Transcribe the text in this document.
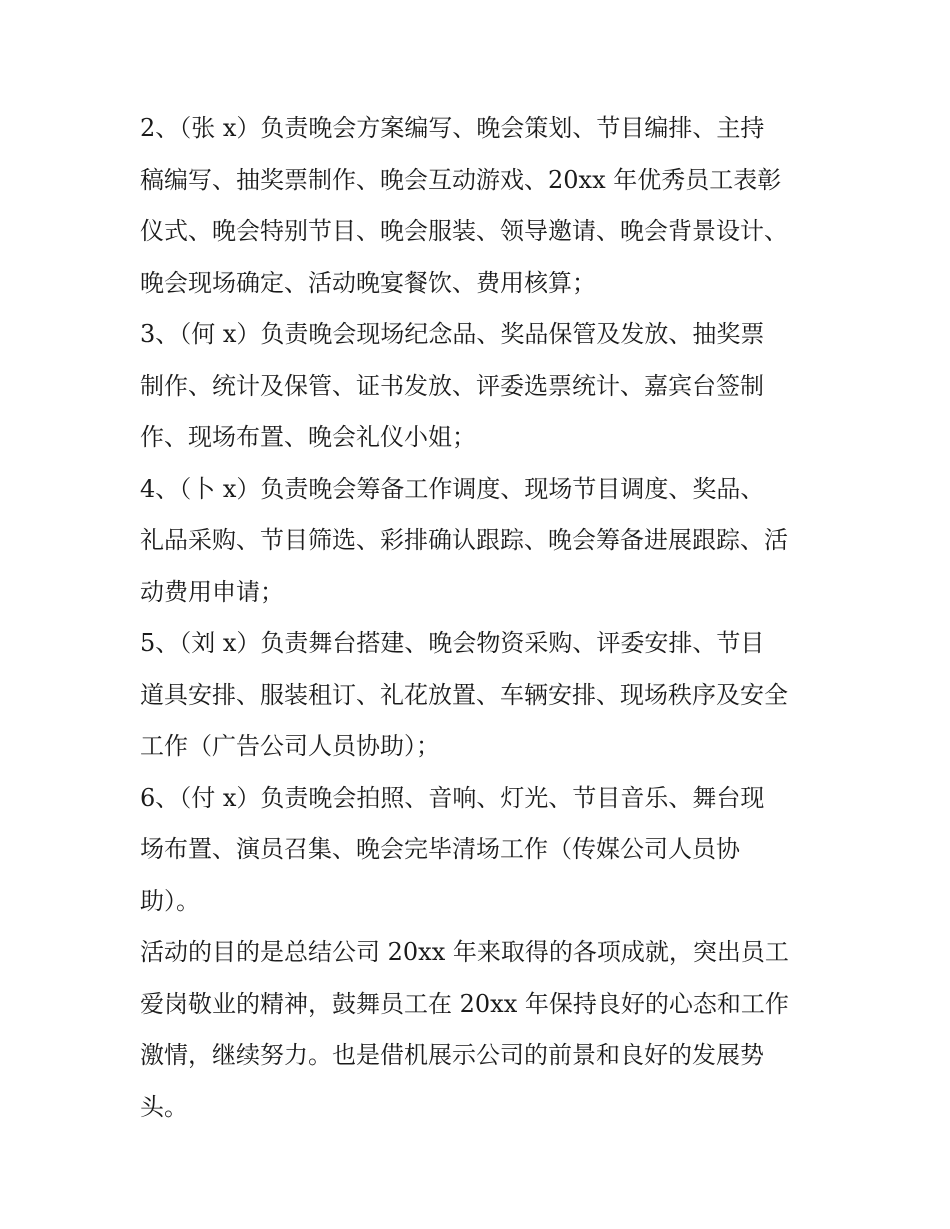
2、（张 x）负责晚会方案编写、晚会策划、节目编排、主持
稿编写、抽奖票制作、晚会互动游戏、20xx 年优秀员工表彰
仪式、晚会特别节目、晚会服装、领导邀请、晚会背景设计、
晚会现场确定、活动晚宴餐饮、费用核算；

3、（何 x）负责晚会现场纪念品、奖品保管及发放、抽奖票
制作、统计及保管、证书发放、评委选票统计、嘉宾台签制
作、现场布置、晚会礼仪小姐；

4、（卜 x）负责晚会筹备工作调度、现场节目调度、奖品、
礼品采购、节目筛选、彩排确认跟踪、晚会筹备进展跟踪、活
动费用申请；

5、（刘 x）负责舞台搭建、晚会物资采购、评委安排、节目
道具安排、服装租订、礼花放置、车辆安排、现场秩序及安全
工作（广告公司人员协助）；

6、（付 x）负责晚会拍照、音响、灯光、节目音乐、舞台现
场布置、演员召集、晚会完毕清场工作（传媒公司人员协
助）。

活动的目的是总结公司 20xx 年来取得的各项成就，突出员工
爱岗敬业的精神，鼓舞员工在 20xx 年保持良好的心态和工作
激情，继续努力。也是借机展示公司的前景和良好的发展势
头。
